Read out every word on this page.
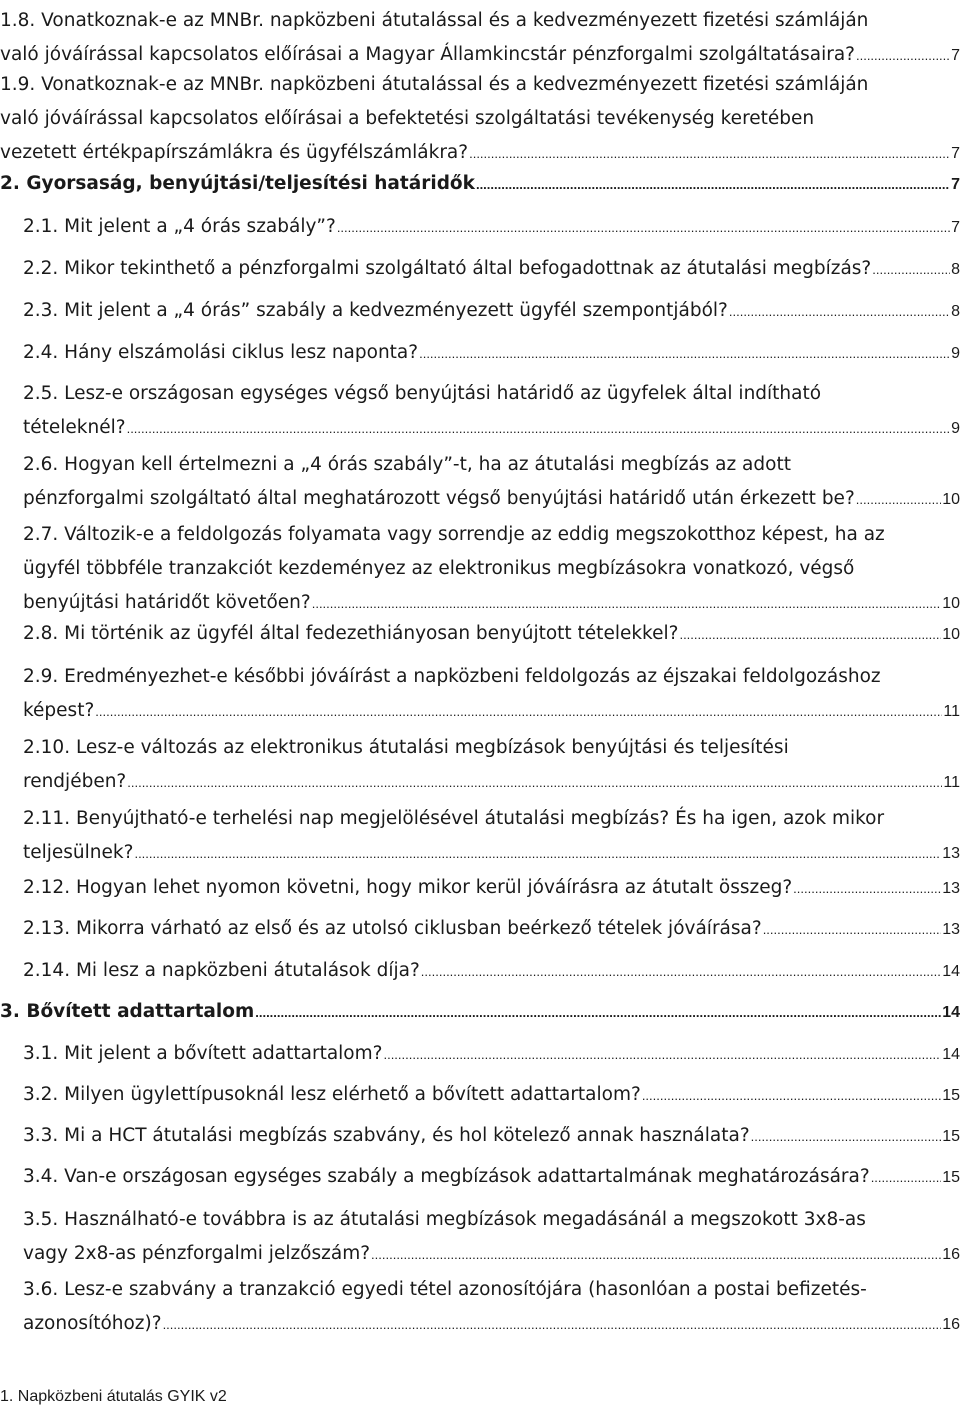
1.8. Vonatkoznak-e az MNBr. napközbeni átutalással és a kedvezményezett fizetési számláján
való jóváírással kapcsolatos előírásai a Magyar Államkincstár pénzforgalmi szolgáltatásaira? .....	7
1.9. Vonatkoznak-e az MNBr. napközbeni átutalással és a kedvezményezett fizetési számláján
való jóváírással kapcsolatos előírásai a befektetési szolgáltatási tevékenység keretében
vezetett értékpapírszámlákra és ügyfélszámlákra? .....	7
2. Gyorsaság, benyújtási/teljesítési határidők .....	7
2.1. Mit jelent a „4 órás szabály”? .....	7
2.2. Mikor tekinthető a pénzforgalmi szolgáltató által befogadottnak az átutalási megbízás? .....	8
2.3. Mit jelent a „4 órás” szabály a kedvezményezett ügyfél szempontjából? .....	8
2.4. Hány elszámolási ciklus lesz naponta? .....	9
2.5. Lesz-e országosan egységes végső benyújtási határidő az ügyfelek által indítható
tételeknél? .....	9
2.6. Hogyan kell értelmezni a „4 órás szabály”-t, ha az átutalási megbízás az adott
pénzforgalmi szolgáltató által meghatározott végső benyújtási határidő után érkezett be? .....	10
2.7. Változik-e a feldolgozás folyamata vagy sorrendje az eddig megszokotthoz képest, ha az
ügyfél többféle tranzakciót kezdeményez az elektronikus megbízásokra vonatkozó, végső
benyújtási határidőt követően? .....	10
2.8. Mi történik az ügyfél által fedezethiányosan benyújtott tételekkel? .....	10
2.9. Eredményezhet-e későbbi jóváírást a napközbeni feldolgozás az éjszakai feldolgozáshoz
képest? .....	11
2.10. Lesz-e változás az elektronikus átutalási megbízások benyújtási és teljesítési
rendjében? .....	11
2.11. Benyújtható-e terhelési nap megjelölésével átutalási megbízás? És ha igen, azok mikor
teljesülnek? .....	13
2.12. Hogyan lehet nyomon követni, hogy mikor kerül jóváírásra az átutalt összeg? .....	13
2.13. Mikorra várható az első és az utolsó ciklusban beérkező tételek jóváírása? .....	13
2.14. Mi lesz a napközbeni átutalások díja? .....	14
3. Bővített adattartalom .....	14
3.1. Mit jelent a bővített adattartalom? .....	14
3.2. Milyen ügylettípusoknál lesz elérhető a bővített adattartalom? .....	15
3.3. Mi a HCT átutalási megbízás szabvány, és hol kötelező annak használata? .....	15
3.4. Van-e országosan egységes szabály a megbízások adattartalmának meghatározására? .....	15
3.5. Használható-e továbbra is az átutalási megbízások megadásánál a megszokott 3x8-as
vagy 2x8-as pénzforgalmi jelzőszám? .....	16
3.6. Lesz-e szabvány a tranzakció egyedi tétel azonosítójára (hasonlóan a postai befizetés-
azonosítóhoz)? .....	16
1. Napközbeni átutalás GYIK v2
